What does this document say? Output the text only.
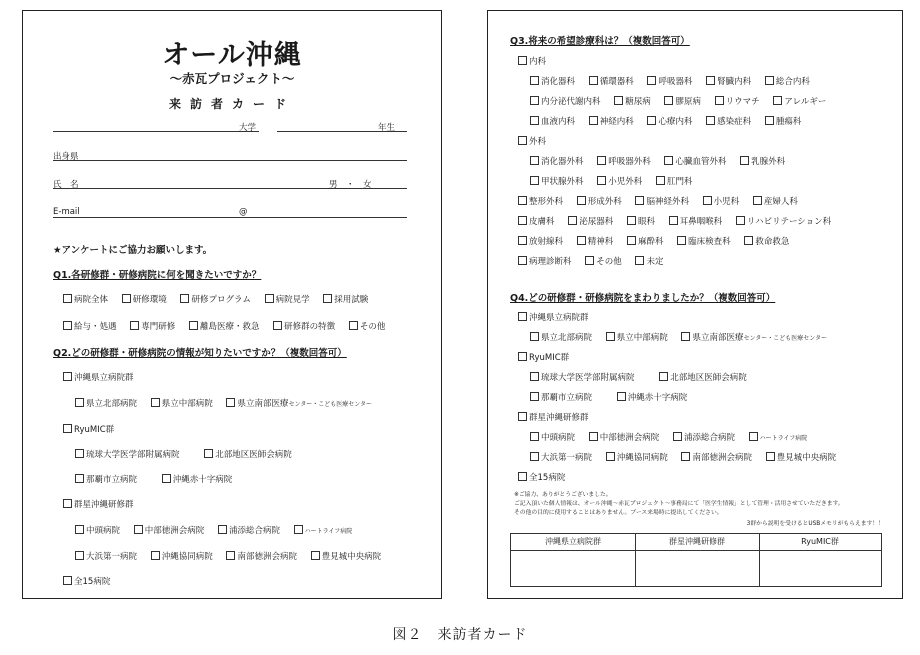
オール沖縄
～赤瓦プロジェクト～
来訪者カード
大学	年生
出身県
氏　名	男　・　女
E-mail	@
★アンケートにご協力お願いします。
Q1.各研修群・研修病院に何を聞きたいですか？
病院全体	研修環境	研修プログラム	病院見学	採用試験
給与・処遇	専門研修	離島医療・救急	研修群の特徴	その他
Q2.どの研修群・研修病院の情報が知りたいですか？（複数回答可）
沖縄県立病院群
県立北部病院	県立中部病院	県立南部医療センター・こども医療センター
RyuMIC群
琉球大学医学部附属病院	北部地区医師会病院
那覇市立病院	沖縄赤十字病院
群星沖縄研修群
中頭病院	中部徳洲会病院	浦添総合病院	ハートライフ病院
大浜第一病院	沖縄協同病院	南部徳洲会病院	豊見城中央病院
全15病院
Q3.将来の希望診療科は？（複数回答可）
内科
消化器科	循環器科	呼吸器科	腎臓内科	総合内科
内分泌代謝内科	糖尿病	膠原病	リウマチ	アレルギー
血液内科	神経内科	心療内科	感染症科	腫瘍科
外科
消化器外科	呼吸器外科	心臓血管外科	乳腺外科
甲状腺外科	小児外科	肛門科
整形外科	形成外科	脳神経外科	小児科	産婦人科
皮膚科	泌尿器科	眼科	耳鼻咽喉科	リハビリテーション科
放射線科	精神科	麻酔科	臨床検査科	救命救急
病理診断科	その他	未定
Q4.どの研修群・研修病院をまわりましたか？（複数回答可）
沖縄県立病院群
県立北部病院	県立中部病院	県立南部医療センター・こども医療センター
RyuMIC群
琉球大学医学部附属病院	北部地区医師会病院
那覇市立病院	沖縄赤十字病院
群星沖縄研修群
中頭病院	中部徳洲会病院	浦添総合病院	ハートライフ病院
大浜第一病院	沖縄協同病院	南部徳洲会病院	豊見城中央病院
全15病院
※ご協力、ありがとうございました。
ご記入頂いた個人情報は、オール沖縄～赤瓦プロジェクト～事務局にて「医学生情報」として管理・活用させていただきます。
その他の目的に使用することはありません。ブース来場時に提出してください。
3群から説明を受けるとUSBメモリがもらえます！！
沖縄県立病院群	群星沖縄研修群	RyuMIC群
図２　来訪者カード
